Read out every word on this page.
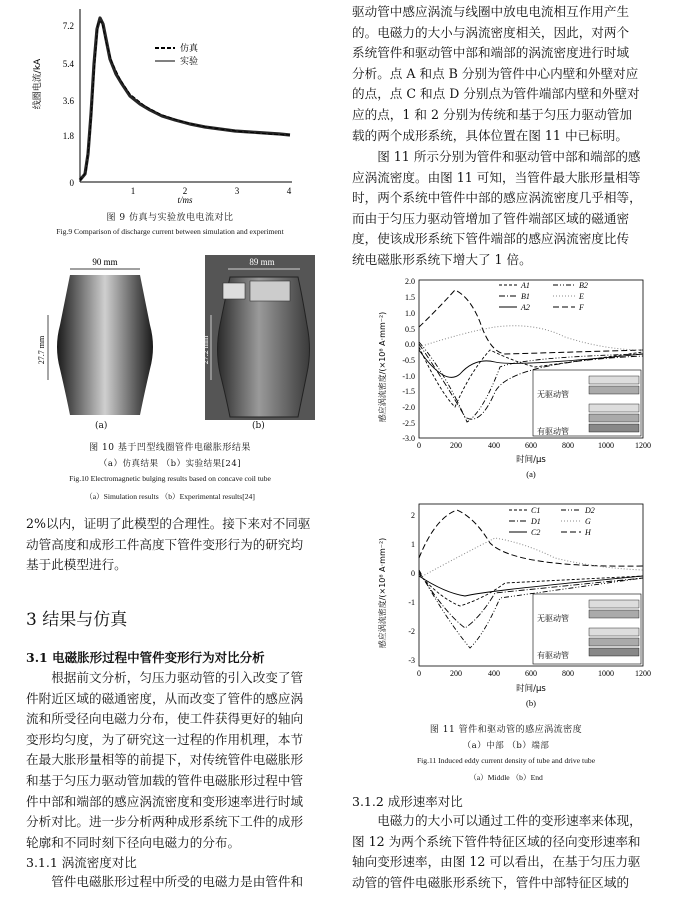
线圈电流/kA
7.2
5.4
3.6
1.8
0
1	2	3	4
t/ms
仿真
实验
图 9 仿真与实验放电电流对比
Fig.9 Comparison of discharge current between simulation and experiment
90 mm
27.7 mm
89 mm
27.2 mm
(a)	(b)
图 10 基于凹型线圈管件电磁胀形结果
（a）仿真结果 （b）实验结果[24]
Fig.10 Electromagnetic bulging results based on concave coil tube
（a）Simulation results （b）Experimental results[24]
2%以内，证明了此模型的合理性。接下来对不同驱
动管高度和成形工件高度下管件变形行为的研究均
基于此模型进行。
3 结果与仿真
3.1 电磁胀形过程中管件变形行为对比分析
根据前文分析，匀压力驱动管的引入改变了管
件附近区域的磁通密度，从而改变了管件的感应涡
流和所受径向电磁力分布，使工件获得更好的轴向
变形均匀度，为了研究这一过程的作用机理，本节
在最大胀形量相等的前提下，对传统管件电磁胀形
和基于匀压力驱动管加载的管件电磁胀形过程中管
件中部和端部的感应涡流密度和变形速率进行时域
分析对比。进一步分析两种成形系统下工件的成形
轮廓和不同时刻下径向电磁力的分布。
3.1.1 涡流密度对比
管件电磁胀形过程中所受的电磁力是由管件和
驱动管中感应涡流与线圈中放电电流相互作用产生
的。电磁力的大小与涡流密度相关，因此，对两个
系统管件和驱动管中部和端部的涡流密度进行时域
分析。点 A 和点 B 分别为管件中心内壁和外壁对应
的点，点 C 和点 D 分别点为管件端部内壁和外壁对
应的点，1 和 2 分别为传统和基于匀压力驱动管加
载的两个成形系统，具体位置在图 11 中已标明。
图 11 所示分别为管件和驱动管中部和端部的感
应涡流密度。由图 11 可知，当管件最大胀形量相等
时，两个系统中管件中部的感应涡流密度几乎相等，
而由于匀压力驱动管增加了管件端部区域的磁通密
度，使该成形系统下管件端部的感应涡流密度比传
统电磁胀形系统下增大了 1 倍。
感应涡流密度/(×10⁸ A·mm⁻²)
2.0
1.5
1.0
0.5
0.0
-0.5
-1.0
-1.5
-2.0
-2.5
-3.0
0	200	400	600	800	1000	1200
时间/μs
(a)
A1	B2
B1	E
A2	F
无驱动管
有驱动管
感应涡流密度/(×10⁸ A·mm⁻²)
2
1
0
-1
-2
-3
0	200	400	600	800	1000	1200
时间/μs
(b)
C1	D2
D1	G
C2	H
无驱动管
有驱动管
图 11 管件和驱动管的感应涡流密度
（a）中部 （b）端部
Fig.11 Induced eddy current density of tube and drive tube
（a）Middle （b）End
3.1.2 成形速率对比
电磁力的大小可以通过工件的变形速率来体现，
图 12 为两个系统下管件特征区域的径向变形速率和
轴向变形速率，由图 12 可以看出，在基于匀压力驱
动管的管件电磁胀形系统下，管件中部特征区域的
